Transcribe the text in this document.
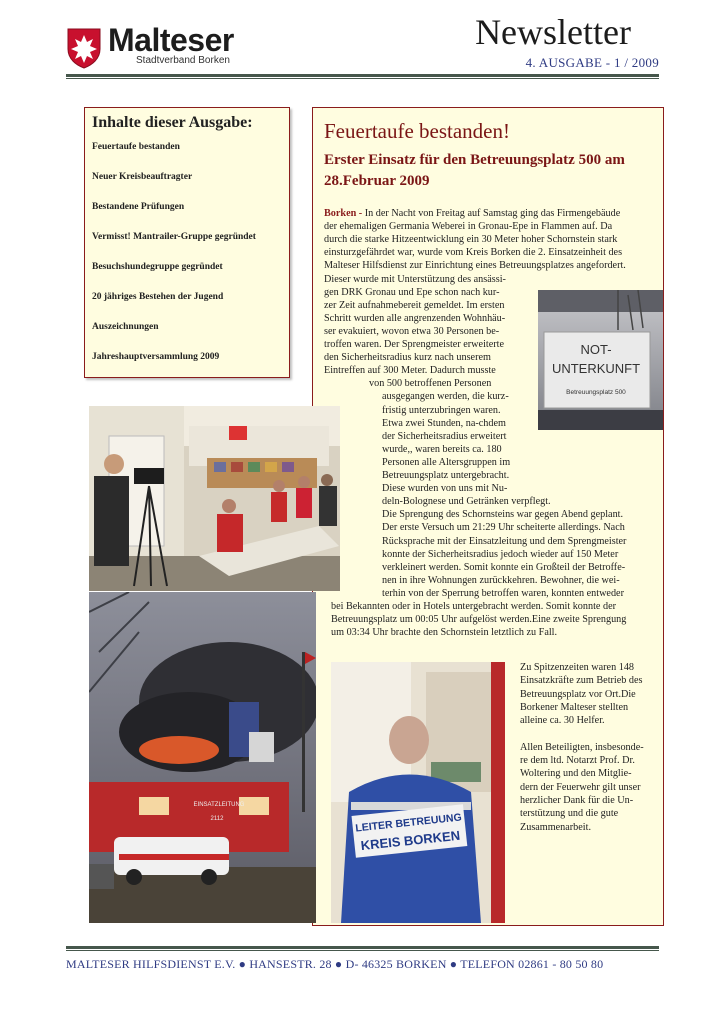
Malteser
Stadtverband Borken
Newsletter
4. AUSGABE - 1 / 2009
Inhalte dieser Ausgabe:
Feuertaufe bestanden
Neuer Kreisbeauftragter
Bestandene Prüfungen
Vermisst! Mantrailer-Gruppe gegründet
Besuchshundegruppe gegründet
20 jähriges Bestehen der Jugend
Auszeichnungen
Jahreshauptversammlung 2009
Feuertaufe bestanden!
Erster Einsatz für den Betreuungsplatz 500 am 28.Februar 2009
Borken - In der Nacht von Freitag auf Samstag ging das Firmengebäude
der ehemaligen Germania Weberei in Gronau-Epe in Flammen auf. Da
durch die starke Hitzeentwicklung ein 30 Meter hoher Schornstein stark
einsturzgefährdet war, wurde vom Kreis Borken die 2. Einsatzeinheit des
Malteser Hilfsdienst zur Einrichtung eines Betreuungsplatzes angefordert.
Dieser wurde mit Unterstützung des ansässi-
gen DRK Gronau und Epe schon nach kur-
zer Zeit aufnahmebereit gemeldet. Im ersten
Schritt wurden alle angrenzenden Wohnhäu-
ser evakuiert, wovon etwa 30 Personen be-
troffen waren. Der Sprengmeister erweiterte
den Sicherheitsradius kurz nach unserem
Eintreffen auf 300 Meter. Dadurch musste
von 500 betroffenen Personen
ausgegangen werden, die kurz-
fristig unterzubringen waren.
Etwa zwei Stunden, na-chdem
der Sicherheitsradius erweitert
wurde,, waren bereits ca. 180
Personen alle Altersgruppen im
Betreuungsplatz untergebracht.
Diese wurden von uns mit Nu-
deln-Bolognese und Getränken verpflegt.
Die Sprengung des Schornsteins war gegen Abend geplant.
Der erste Versuch um 21:29 Uhr scheiterte allerdings. Nach
Rücksprache mit der Einsatzleitung und dem Sprengmeister
konnte der Sicherheitsradius jedoch wieder auf 150 Meter
verkleinert werden. Somit konnte ein Großteil der Betroffe-
nen in ihre Wohnungen zurückkehren. Bewohner, die wei-
terhin von der Sperrung betroffen waren, konnten entweder
bei Bekannten oder in Hotels untergebracht werden. Somit konnte der
Betreuungsplatz um 00:05 Uhr aufgelöst werden.Eine zweite Sprengung
um 03:34 Uhr brachte den Schornstein letztlich zu Fall.
Zu Spitzenzeiten waren 148
Einsatzkräfte zum Betrieb des
Betreuungsplatz vor Ort.Die
Borkener Malteser stellten
alleine ca. 30 Helfer.
Allen Beteiligten, insbesonde-
re dem ltd. Notarzt Prof. Dr.
Woltering und den Mitglie-
dern der Feuerwehr gilt unser
herzlicher Dank für die Un-
terstützung und die gute
Zusammenarbeit.
NOT-
UNTERKUNFT
Betreuungsplatz 500
EINSATZLEITUNG
2112	LEITER BETREUUNG
KREIS BORKEN
MALTESER HILFSDIENST E.V. ● HANSESTR. 28 ● D- 46325 BORKEN ● TELEFON 02861 - 80 50 80
